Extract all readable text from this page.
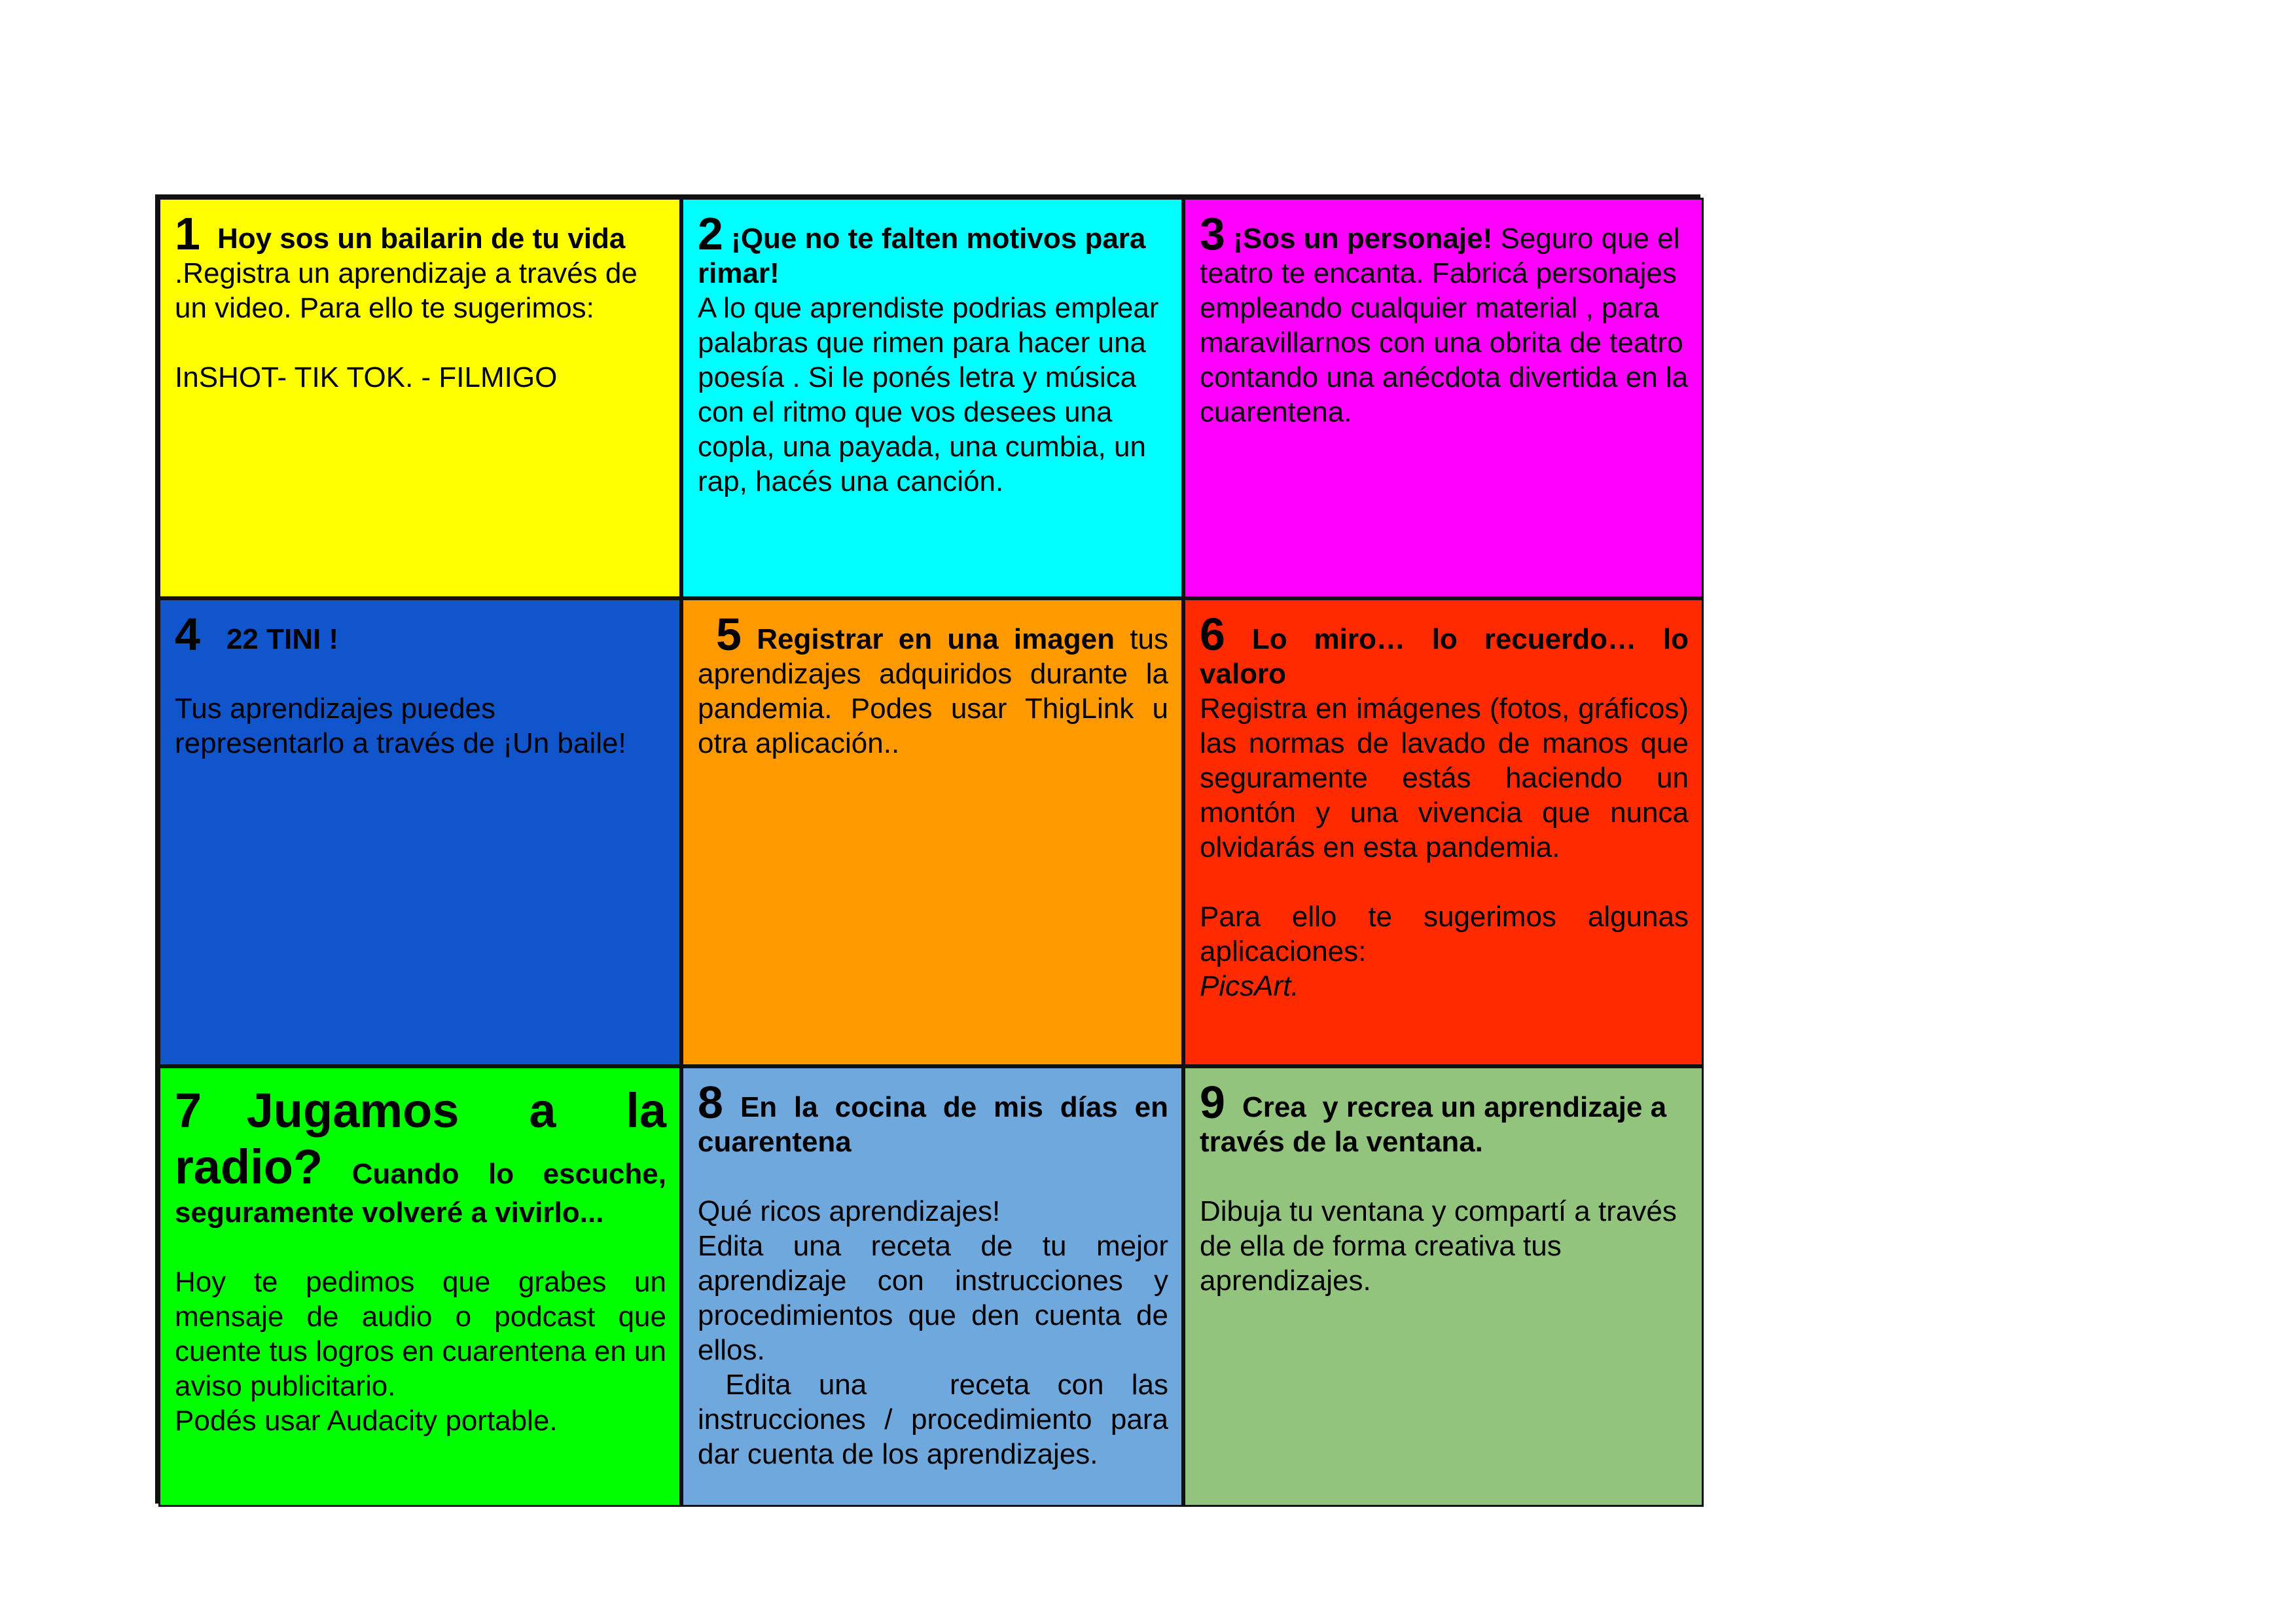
1 Hoy sos un bailarin de tu vida

.Registra un aprendizaje a través de un video. Para ello te sugerimos:

InSHOT- TIK TOK. - FILMIGO

2 ¡Que no te falten motivos para rimar!

A lo que aprendiste podrias emplear palabras que rimen para hacer una poesía . Si le ponés letra y música con el ritmo que vos desees una copla, una payada, una cumbia, un rap, hacés una canción.

3 ¡Sos un personaje! Seguro que el teatro te encanta. Fabricá personajes empleando cualquier material , para maravillarnos con una obrita de teatro contando una anécdota divertida en la cuarentena.

4 22 TINI !

Tus aprendizajes puedes representarlo a través de ¡Un baile!

5 Registrar en una imagen tus aprendizajes adquiridos durante la pandemia. Podes usar ThigLink u otra aplicación..

6 Lo miro… lo recuerdo… lo valoro

Registra en imágenes (fotos, gráficos) las normas de lavado de manos que seguramente estás haciendo un montón y una vivencia que nunca olvidarás en esta pandemia.

Para ello te sugerimos algunas aplicaciones:

PicsArt.

7 Jugamos a la radio? Cuando lo escuche, seguramente volveré a vivirlo...

Hoy te pedimos que grabes un mensaje de audio o podcast que cuente tus logros en cuarentena en un aviso publicitario.

Podés usar Audacity portable.

8 En la cocina de mis días en cuarentena

Qué ricos aprendizajes!

Edita una receta de tu mejor aprendizaje con instrucciones y procedimientos que den cuenta de ellos.

Edita una   receta con las instrucciones / procedimiento para dar cuenta de los aprendizajes.

9 Crea  y recrea un aprendizaje a través de la ventana.

Dibuja tu ventana y compartí a través de ella de forma creativa tus aprendizajes.
